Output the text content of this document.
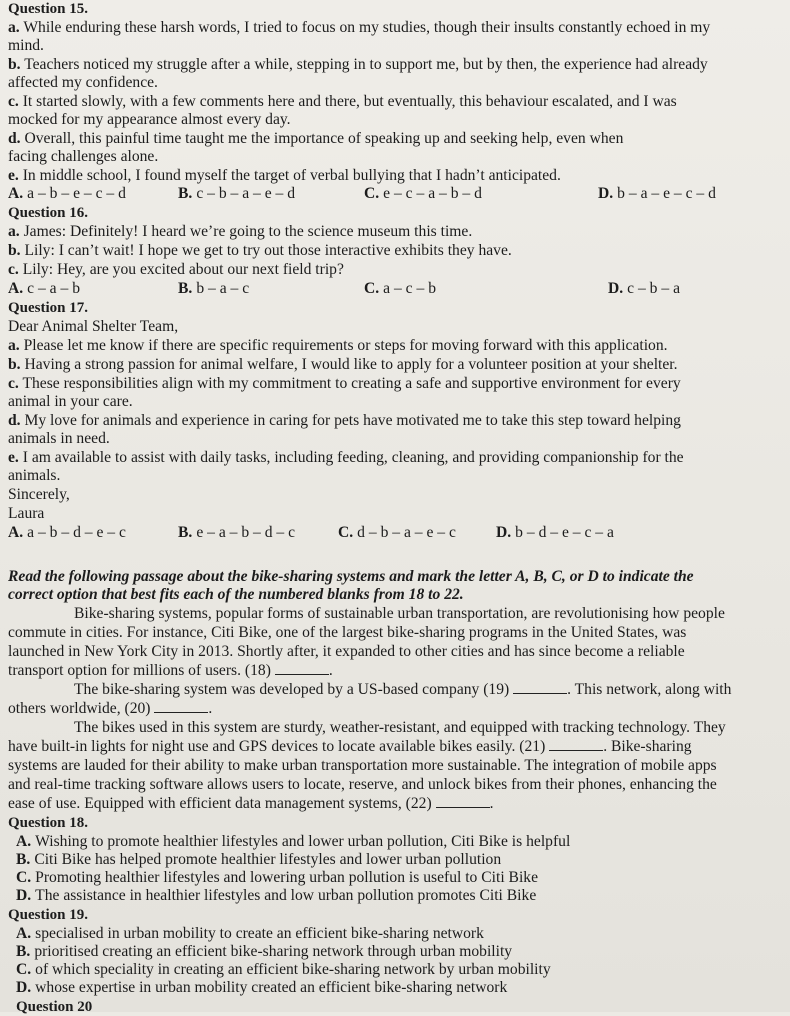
Question 15.
a. While enduring these harsh words, I tried to focus on my studies, though their insults constantly echoed in my
mind.
b. Teachers noticed my struggle after a while, stepping in to support me, but by then, the experience had already
affected my confidence.
c. It started slowly, with a few comments here and there, but eventually, this behaviour escalated, and I was
mocked for my appearance almost every day.
d. Overall, this painful time taught me the importance of speaking up and seeking help, even when
facing challenges alone.
e. In middle school, I found myself the target of verbal bullying that I hadn’t anticipated.
A. a – b – e – c – d	B. c – b – a – e – d	C. e – c – a – b – d	D. b – a – e – c – d
Question 16.
a. James: Definitely! I heard we’re going to the science museum this time.
b. Lily: I can’t wait! I hope we get to try out those interactive exhibits they have.
c. Lily: Hey, are you excited about our next field trip?
A. c – a – b	B. b – a – c	C. a – c – b	D. c – b – a
Question 17.
Dear Animal Shelter Team,
a. Please let me know if there are specific requirements or steps for moving forward with this application.
b. Having a strong passion for animal welfare, I would like to apply for a volunteer position at your shelter.
c. These responsibilities align with my commitment to creating a safe and supportive environment for every
animal in your care.
d. My love for animals and experience in caring for pets have motivated me to take this step toward helping
animals in need.
e. I am available to assist with daily tasks, including feeding, cleaning, and providing companionship for the
animals.
Sincerely,
Laura
A. a – b – d – e – c	B. e – a – b – d – c	C. d – b – a – e – c	D. b – d – e – c – a
Read the following passage about the bike-sharing systems and mark the letter A, B, C, or D to indicate the
correct option that best fits each of the numbered blanks from 18 to 22.
Bike-sharing systems, popular forms of sustainable urban transportation, are revolutionising how people
commute in cities. For instance, Citi Bike, one of the largest bike-sharing programs in the United States, was
launched in New York City in 2013. Shortly after, it expanded to other cities and has since become a reliable
transport option for millions of users. (18)	.
The bike-sharing system was developed by a US-based company (19)	. This network, along with
others worldwide, (20)	.
The bikes used in this system are sturdy, weather-resistant, and equipped with tracking technology. They
have built-in lights for night use and GPS devices to locate available bikes easily. (21)	. Bike-sharing
systems are lauded for their ability to make urban transportation more sustainable. The integration of mobile apps
and real-time tracking software allows users to locate, reserve, and unlock bikes from their phones, enhancing the
ease of use. Equipped with efficient data management systems, (22)	.
Question 18.
A. Wishing to promote healthier lifestyles and lower urban pollution, Citi Bike is helpful
B. Citi Bike has helped promote healthier lifestyles and lower urban pollution
C. Promoting healthier lifestyles and lowering urban pollution is useful to Citi Bike
D. The assistance in healthier lifestyles and low urban pollution promotes Citi Bike
Question 19.
A. specialised in urban mobility to create an efficient bike-sharing network
B. prioritised creating an efficient bike-sharing network through urban mobility
C. of which speciality in creating an efficient bike-sharing network by urban mobility
D. whose expertise in urban mobility created an efficient bike-sharing network
Question 20
